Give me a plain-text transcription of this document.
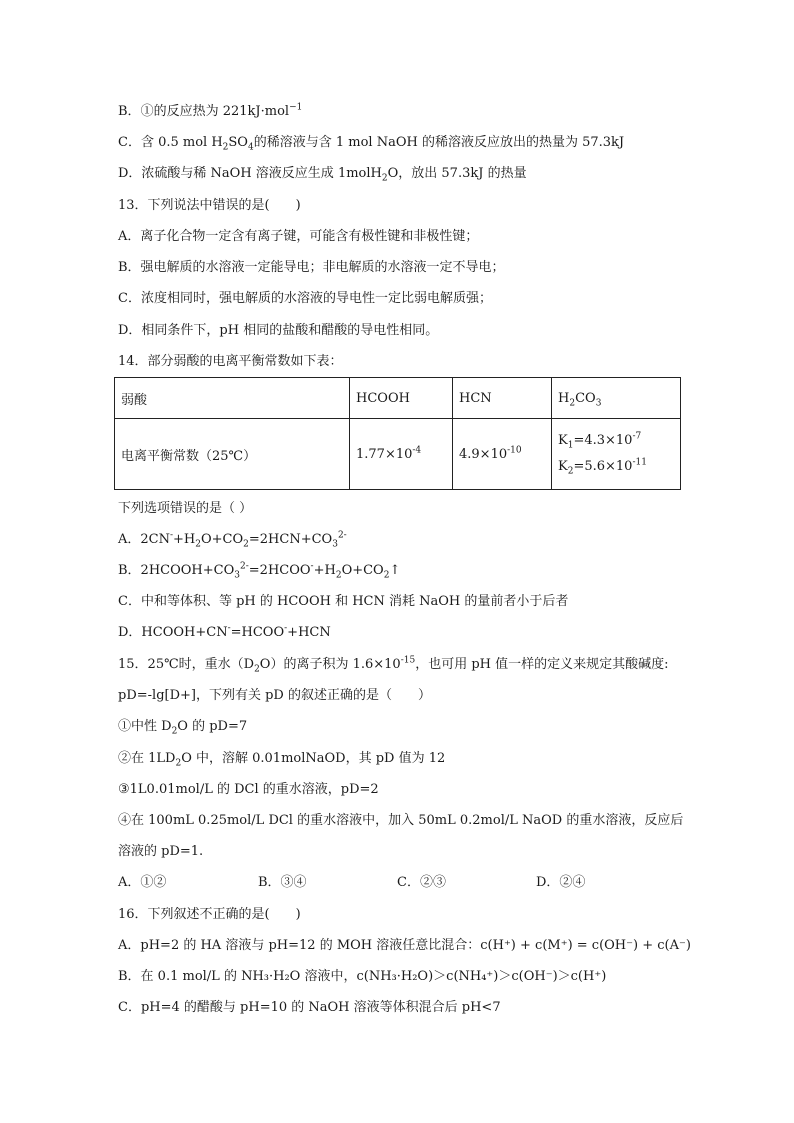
B．①的反应热为 221kJ·mol$^{-1}$
C．含 0.5 mol $H_2SO_4$的稀溶液与含 1 mol NaOH 的稀溶液反应放出的热量为 57.3kJ
D．浓硫酸与稀 NaOH 溶液反应生成 1molH$_2$O，放出 57.3kJ 的热量
13．下列说法中错误的是(　　)
A．离子化合物一定含有离子键，可能含有极性键和非极性键；
B．强电解质的水溶液一定能导电；非电解质的水溶液一定不导电；
C．浓度相同时，强电解质的水溶液的导电性一定比弱电解质强；
D．相同条件下，pH 相同的盐酸和醋酸的导电性相同。
14．部分弱酸的电离平衡常数如下表：
弱酸	HCOOH	HCN	$H_2CO_3$
电离平衡常数（25℃）	$1.77\times 10^{-4}$	$4.9\times 10^{-10}$	$K_1=4.3\times 10^{-7}$
$K_2=5.6\times 10^{-11}$
下列选项错误的是（ ）
A．$2CN^-+H_2O+CO_2=2HCN+CO_3^{2-}$
B．$2HCOOH+CO_3^{2-}=2HCOO^-+H_2O+CO_2↑$
C．中和等体积、等 pH 的 HCOOH 和 HCN 消耗 NaOH 的量前者小于后者
D．HCOOH+CN-=HCOO-+HCN
15．25℃时，重水$(D_2O)$的离子积为 $1.6\times 10^{-15}$，也可用 pH 值一样的定义来规定其酸碱度:
pD=-lg[D+]，下列有关 pD 的叙述正确的是（　　）
①中性 $D_2O$ 的 pD=7
②在 $1LD_2O$ 中，溶解 0.01molNaOD，其 pD 值为 12
③1L0.01mol/L 的 DCl 的重水溶液，pD=2
④在 100mL 0.25mol/L DCl 的重水溶液中，加入 50mL 0.2mol/L NaOD 的重水溶液，反应后
溶液的 pD=1.
A．①②	B．③④	C．②③	D．②④
16．下列叙述不正确的是(　　)
A．pH=2 的 HA 溶液与 pH=12 的 MOH 溶液任意比混合：c(H⁺) + c(M⁺) = c(OH⁻) + c(A⁻)
B．在 0.1 mol/L 的 NH₃·H₂O 溶液中，c(NH₃·H₂O)＞c(NH₄⁺)＞c(OH⁻)＞c(H⁺)
C．pH=4 的醋酸与 pH=10 的 NaOH 溶液等体积混合后 pH<7
